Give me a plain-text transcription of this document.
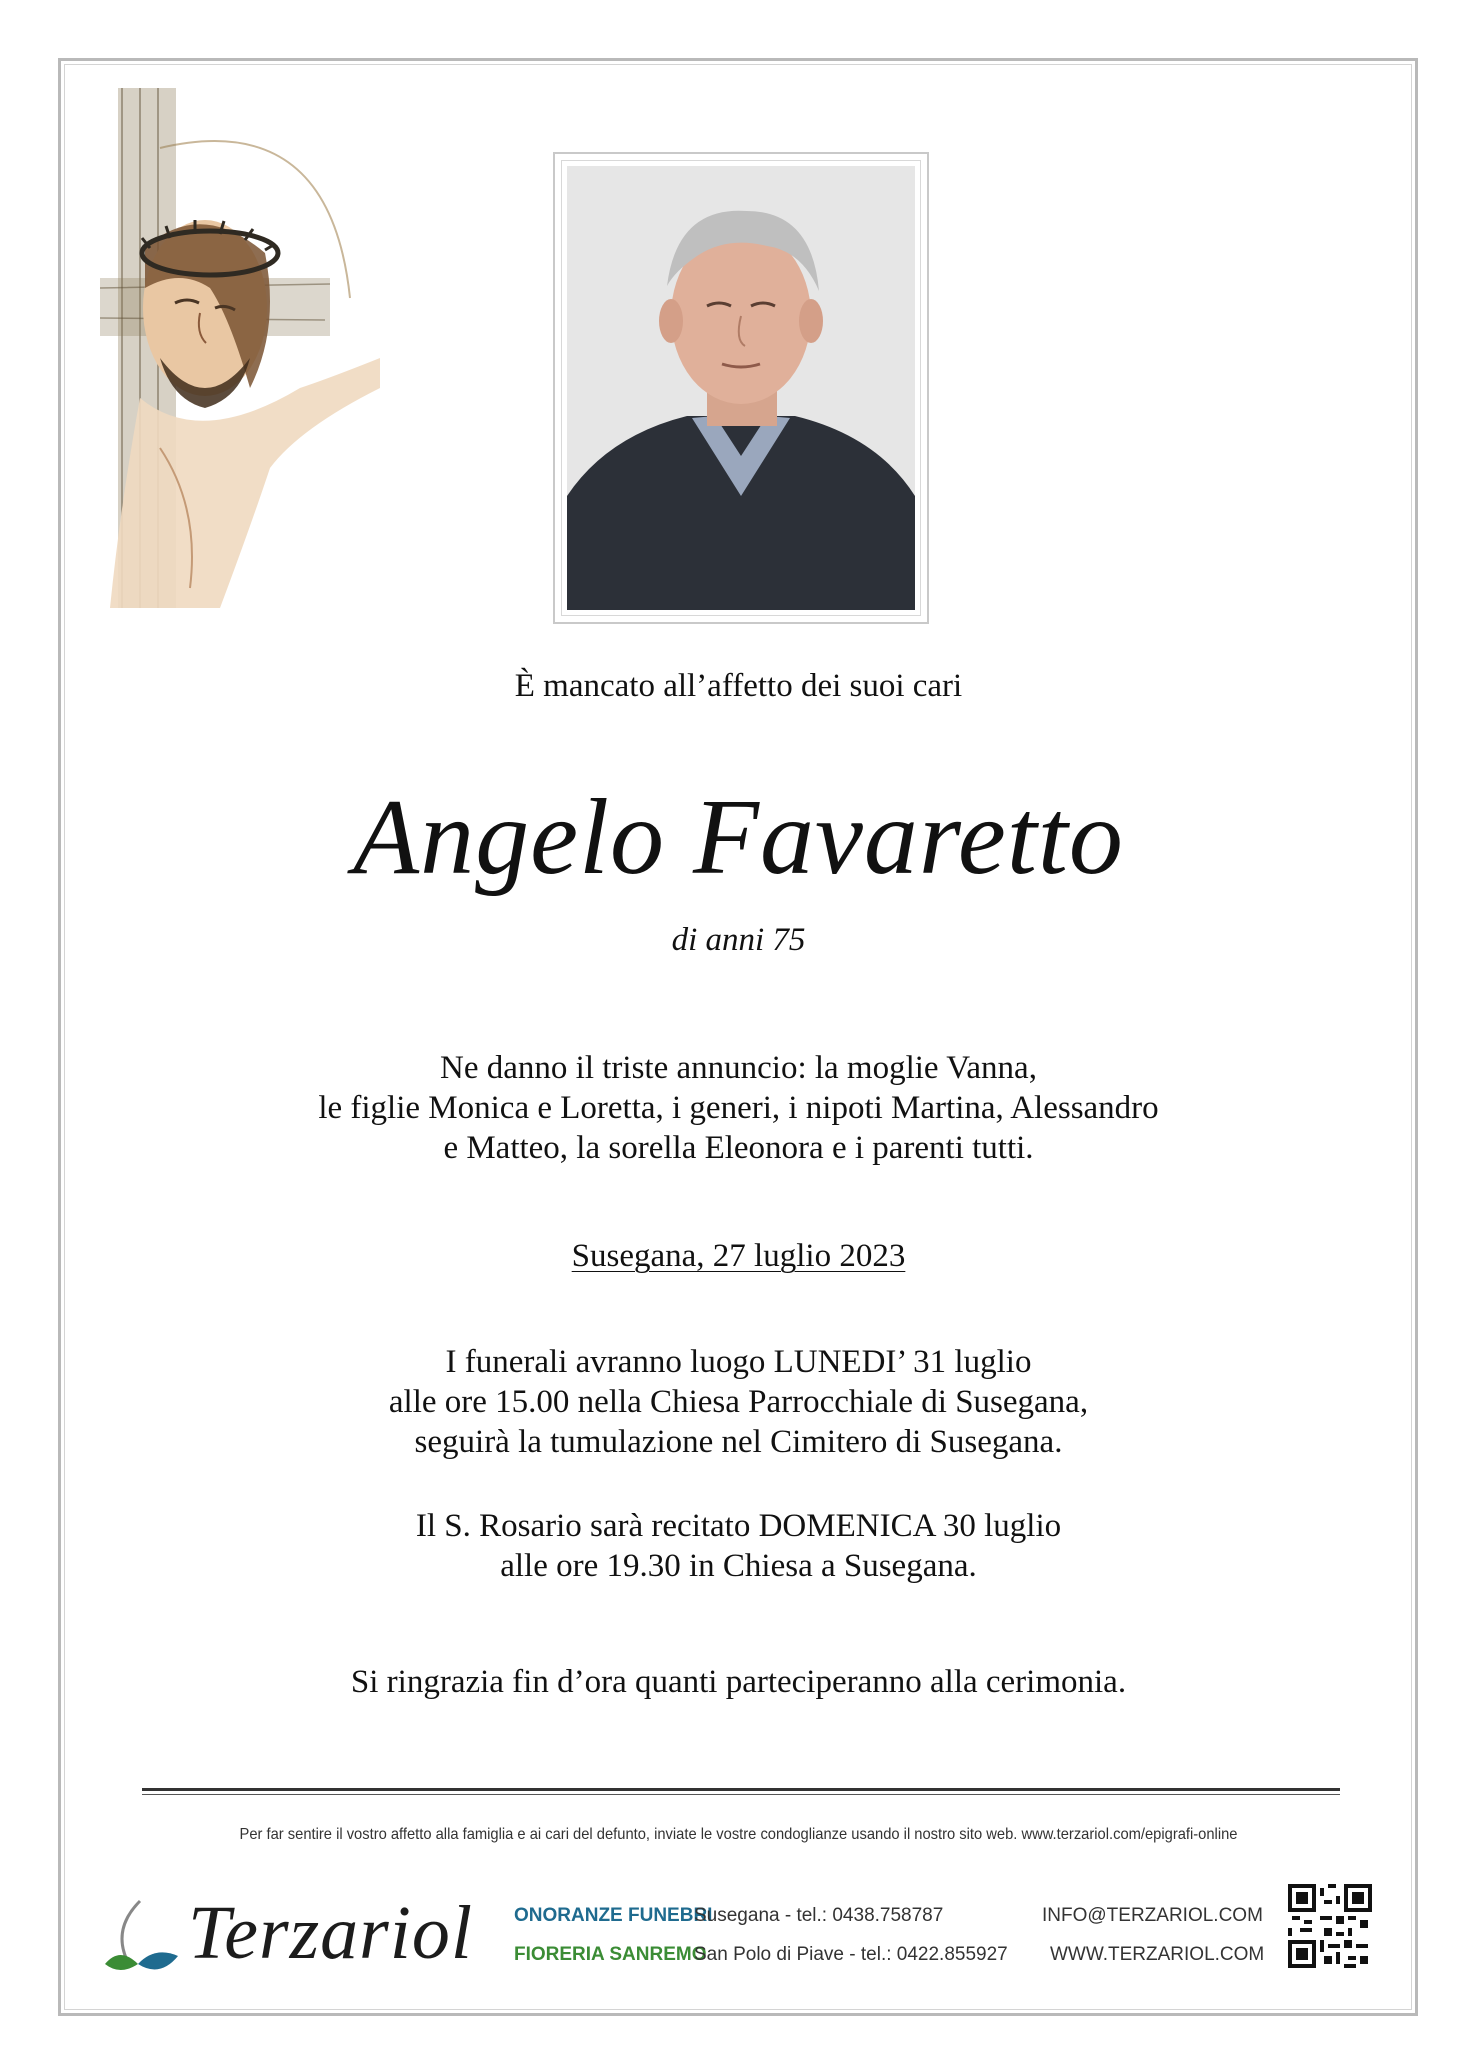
È mancato all’affetto dei suoi cari
Angelo Favaretto
di anni 75
Ne danno il triste annuncio: la moglie Vanna,
le figlie Monica e Loretta, i generi, i nipoti Martina, Alessandro
e Matteo, la sorella Eleonora e i parenti tutti.
Susegana, 27 luglio 2023
I funerali avranno luogo LUNEDI’ 31 luglio
alle ore 15.00 nella Chiesa Parrocchiale di Susegana,
seguirà la tumulazione nel Cimitero di Susegana.
Il S. Rosario sarà recitato DOMENICA 30 luglio
alle ore 19.30 in Chiesa a Susegana.
Si ringrazia fin d’ora quanti parteciperanno alla cerimonia.
Per far sentire il vostro affetto alla famiglia e ai cari del defunto, inviate le vostre condoglianze usando il nostro sito web. www.terzariol.com/epigrafi-online
Terzariol ONORANZE FUNEBRI
FIORERIA SANREMO
Susegana - tel.: 0438.758787
San Polo di Piave - tel.: 0422.855927
INFO@TERZARIOL.COM
WWW.TERZARIOL.COM
